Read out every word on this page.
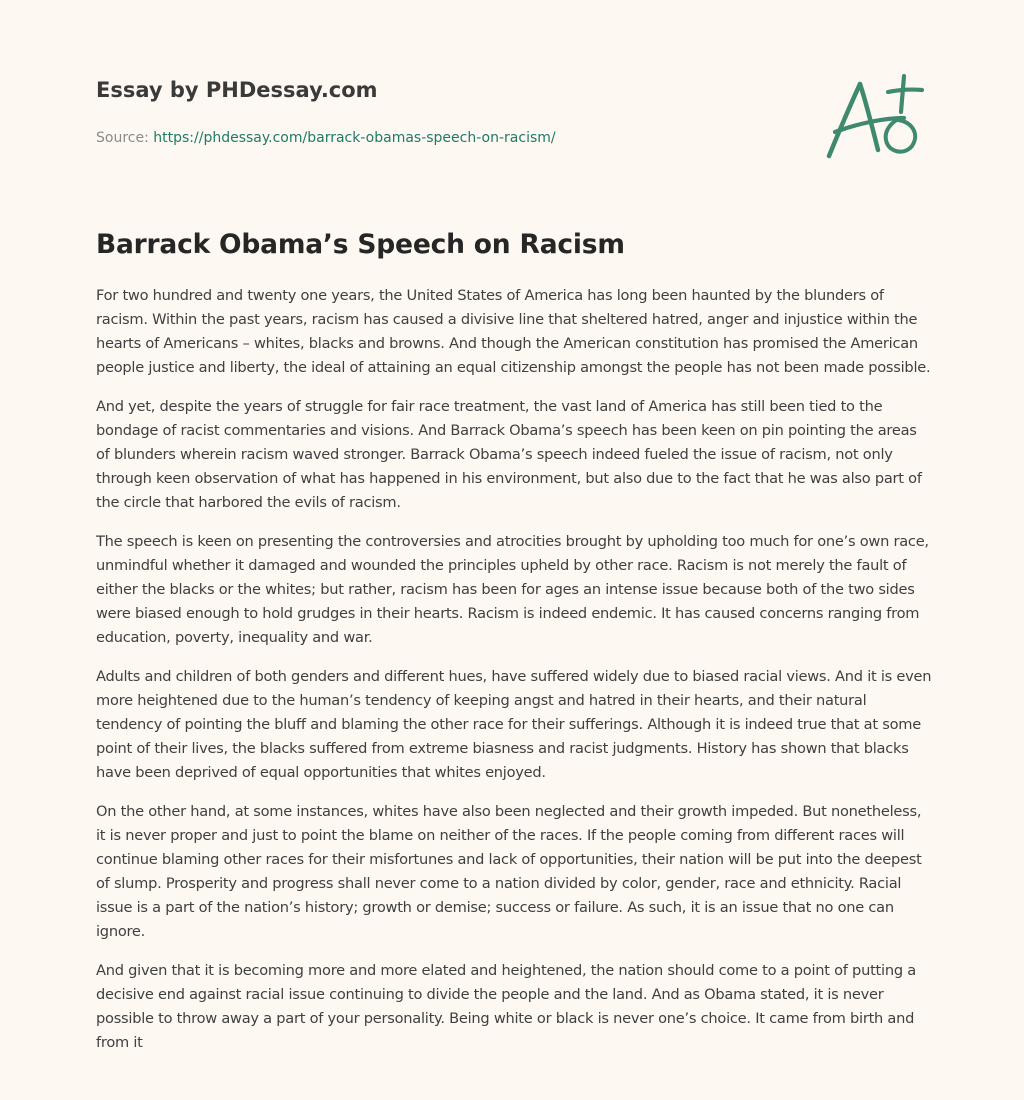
Essay by PHDessay.com
Source: https://phdessay.com/barrack-obamas-speech-on-racism/
Barrack Obama’s Speech on Racism

For two hundred and twenty one years, the United States of America has long been haunted by the blunders of racism. Within the past years, racism has caused a divisive line that sheltered hatred, anger and injustice within the hearts of Americans – whites, blacks and browns. And though the American constitution has promised the American people justice and liberty, the ideal of attaining an equal citizenship amongst the people has not been made possible.

And yet, despite the years of struggle for fair race treatment, the vast land of America has still been tied to the bondage of racist commentaries and visions. And Barrack Obama’s speech has been keen on pin pointing the areas of blunders wherein racism waved stronger. Barrack Obama’s speech indeed fueled the issue of racism, not only through keen observation of what has happened in his environment, but also due to the fact that he was also part of the circle that harbored the evils of racism.

The speech is keen on presenting the controversies and atrocities brought by upholding too much for one’s own race, unmindful whether it damaged and wounded the principles upheld by other race. Racism is not merely the fault of either the blacks or the whites; but rather, racism has been for ages an intense issue because both of the two sides were biased enough to hold grudges in their hearts. Racism is indeed endemic. It has caused concerns ranging from education, poverty, inequality and war.

Adults and children of both genders and different hues, have suffered widely due to biased racial views. And it is even more heightened due to the human’s tendency of keeping angst and hatred in their hearts, and their natural tendency of pointing the bluff and blaming the other race for their sufferings. Although it is indeed true that at some point of their lives, the blacks suffered from extreme biasness and racist judgments. History has shown that blacks have been deprived of equal opportunities that whites enjoyed.

On the other hand, at some instances, whites have also been neglected and their growth impeded. But nonetheless, it is never proper and just to point the blame on neither of the races. If the people coming from different races will continue blaming other races for their misfortunes and lack of opportunities, their nation will be put into the deepest of slump. Prosperity and progress shall never come to a nation divided by color, gender, race and ethnicity. Racial issue is a part of the nation’s history; growth or demise; success or failure. As such, it is an issue that no one can ignore.

And given that it is becoming more and more elated and heightened, the nation should come to a point of putting a decisive end against racial issue continuing to divide the people and the land. And as Obama stated, it is never possible to throw away a part of your personality. Being white or black is never one’s choice. It came from birth and from it
